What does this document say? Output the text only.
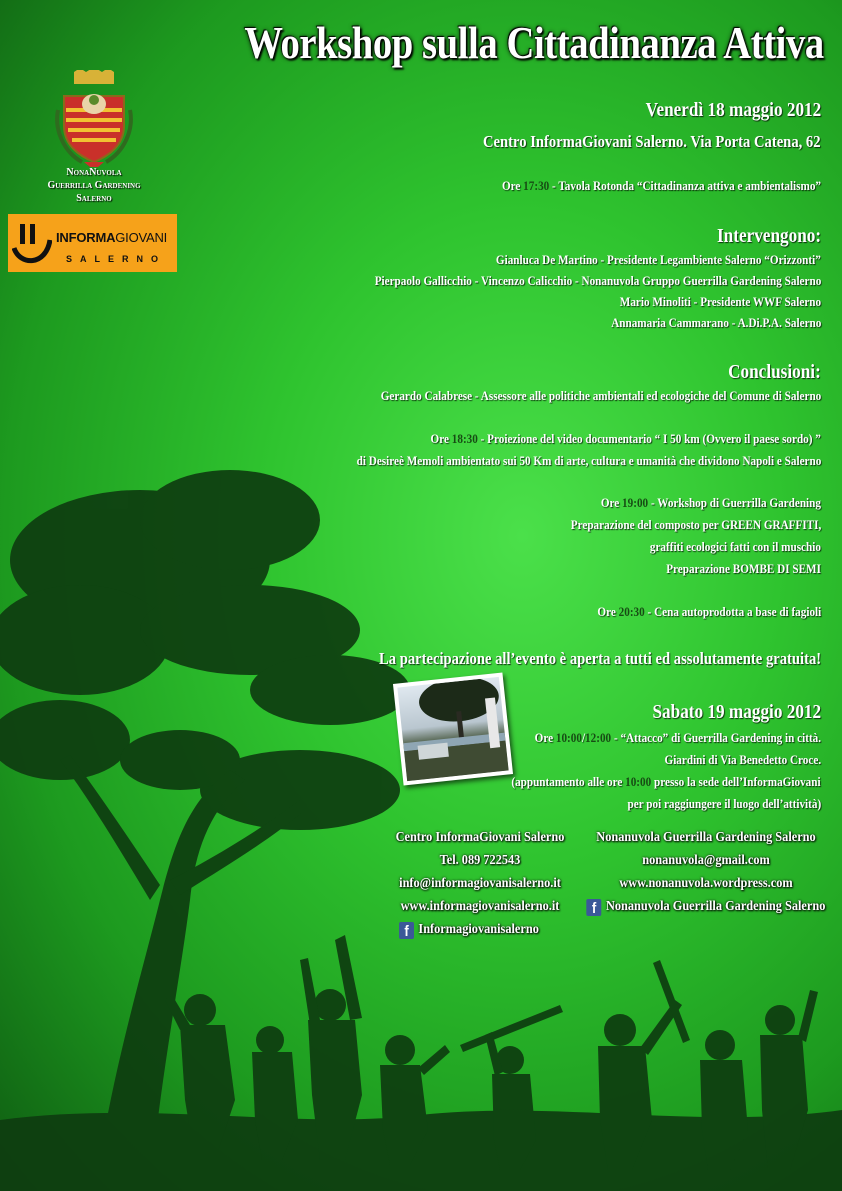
NonaNuvola
Guerrilla Gardening
Salerno
INFORMAGIOVANI
SALERNO
Workshop sulla Cittadinanza Attiva
Venerdì 18 maggio 2012
Centro InformaGiovani Salerno. Via Porta Catena, 62
Ore 17:30 - Tavola Rotonda “Cittadinanza attiva e ambientalismo”
Intervengono:
Gianluca De Martino - Presidente Legambiente Salerno “Orizzonti”
Pierpaolo Gallicchio - Vincenzo Calicchio - Nonanuvola Gruppo Guerrilla Gardening Salerno
Mario Minoliti - Presidente WWF Salerno
Annamaria Cammarano - A.Di.P.A. Salerno
Conclusioni:
Gerardo Calabrese - Assessore alle politiche ambientali ed ecologiche del Comune di Salerno
Ore 18:30 - Proiezione del video documentario “ I 50 km (Ovvero il paese sordo) ”
di Desireè Memoli ambientato sui 50 Km di arte, cultura e umanità che dividono Napoli e Salerno
Ore 19:00 - Workshop di Guerrilla Gardening
Preparazione del composto per GREEN GRAFFITI,
graffiti ecologici fatti con il muschio
Preparazione BOMBE DI SEMI
Ore 20:30 - Cena autoprodotta a base di fagioli
La partecipazione all’evento è aperta a tutti ed assolutamente gratuita!
Sabato 19 maggio 2012
Ore 10:00/12:00 - “Attacco” di Guerrilla Gardening in città.
Giardini di Via Benedetto Croce.
(appuntamento alle ore 10:00 presso la sede dell’InformaGiovani
per poi raggiungere il luogo dell’attività)
Centro InformaGiovani Salerno
Tel. 089 722543
info@informagiovanisalerno.it
www.informagiovanisalerno.it
f Informagiovanisalerno
Nonanuvola Guerrilla Gardening Salerno
nonanuvola@gmail.com
www.nonanuvola.wordpress.com
f Nonanuvola Guerrilla Gardening Salerno
